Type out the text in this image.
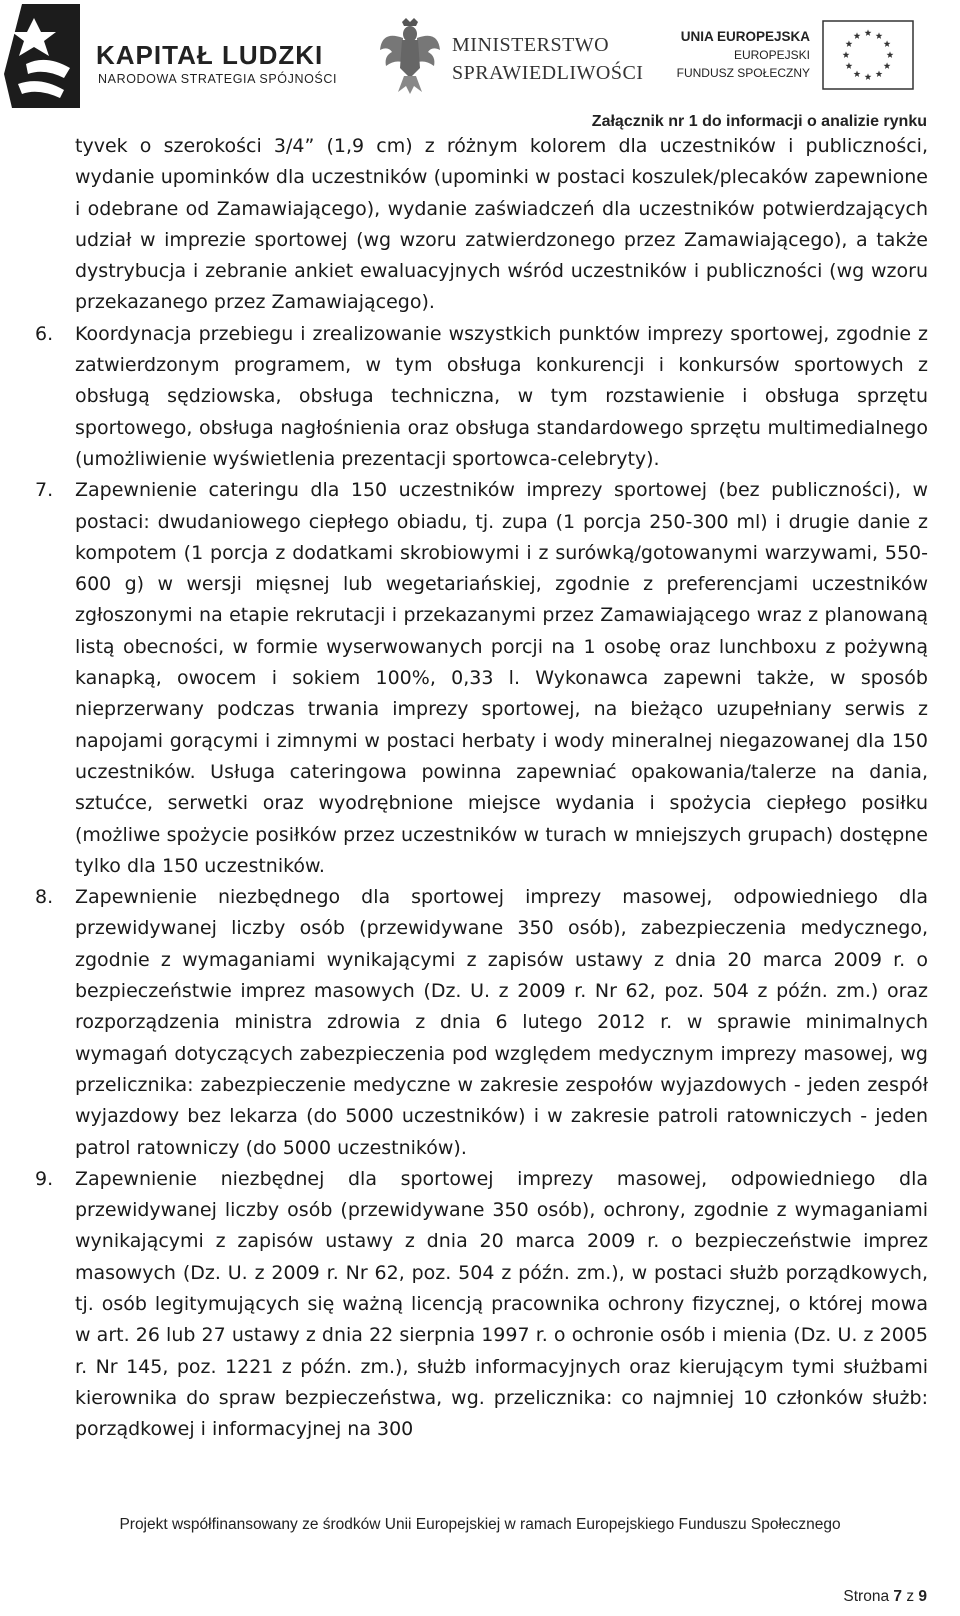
KAPITAŁ LUDZKI
NARODOWA STRATEGIA SPÓJNOŚCI
MINISTERSTWO
SPRAWIEDLIWOŚCI
UNIA EUROPEJSKA
EUROPEJSKI
FUNDUSZ SPOŁECZNY
Załącznik nr 1 do informacji o analizie rynku

tyvek o szerokości 3/4” (1,9 cm) z różnym kolorem dla uczestników i publiczności, wydanie upominków dla uczestników (upominki w postaci koszulek/plecaków zapewnione i odebrane od Zamawiającego), wydanie zaświadczeń dla uczestników potwierdzających udział w imprezie sportowej (wg wzoru zatwierdzonego przez Zamawiającego), a także dystrybucja i zebranie ankiet ewaluacyjnych wśród uczestników i publiczności (wg wzoru przekazanego przez Zamawiającego).

6. Koordynacja przebiegu i zrealizowanie wszystkich punktów imprezy sportowej, zgodnie z zatwierdzonym programem, w tym obsługa konkurencji i konkursów sportowych z obsługą sędziowska, obsługa techniczna, w tym rozstawienie i obsługa sprzętu sportowego, obsługa nagłośnienia oraz obsługa standardowego sprzętu multimedialnego (umożliwienie wyświetlenia prezentacji sportowca-celebryty).
7. Zapewnienie cateringu dla 150 uczestników imprezy sportowej (bez publiczności), w postaci: dwudaniowego ciepłego obiadu, tj. zupa (1 porcja 250-300 ml) i drugie danie z kompotem (1 porcja z dodatkami skrobiowymi i z surówką/gotowanymi warzywami, 550-600 g) w wersji mięsnej lub wegetariańskiej, zgodnie z preferencjami uczestników zgłoszonymi na etapie rekrutacji i przekazanymi przez Zamawiającego wraz z planowaną listą obecności, w formie wyserwowanych porcji na 1 osobę oraz lunchboxu z pożywną kanapką, owocem i sokiem 100%, 0,33 l. Wykonawca zapewni także, w sposób nieprzerwany podczas trwania imprezy sportowej, na bieżąco uzupełniany serwis z napojami gorącymi i zimnymi w postaci herbaty i wody mineralnej niegazowanej dla 150 uczestników. Usługa cateringowa powinna zapewniać opakowania/talerze na dania, sztućce, serwetki oraz wyodrębnione miejsce wydania i spożycia ciepłego posiłku (możliwe spożycie posiłków przez uczestników w turach w mniejszych grupach) dostępne tylko dla 150 uczestników.
8. Zapewnienie niezbędnego dla sportowej imprezy masowej, odpowiedniego dla przewidywanej liczby osób (przewidywane 350 osób), zabezpieczenia medycznego, zgodnie z wymaganiami wynikającymi z zapisów ustawy z dnia 20 marca 2009 r. o bezpieczeństwie imprez masowych (Dz. U. z 2009 r. Nr 62, poz. 504 z późn. zm.) oraz rozporządzenia ministra zdrowia z dnia 6 lutego 2012 r. w sprawie minimalnych wymagań dotyczących zabezpieczenia pod względem medycznym imprezy masowej, wg przelicznika: zabezpieczenie medyczne w zakresie zespołów wyjazdowych - jeden zespół wyjazdowy bez lekarza (do 5000 uczestników) i w zakresie patroli ratowniczych - jeden patrol ratowniczy (do 5000 uczestników).
9. Zapewnienie niezbędnej dla sportowej imprezy masowej, odpowiedniego dla przewidywanej liczby osób (przewidywane 350 osób), ochrony, zgodnie z wymaganiami wynikającymi z zapisów ustawy z dnia 20 marca 2009 r. o bezpieczeństwie imprez masowych (Dz. U. z 2009 r. Nr 62, poz. 504 z późn. zm.), w postaci służb porządkowych, tj. osób legitymujących się ważną licencją pracownika ochrony fizycznej, o której mowa w art. 26 lub 27 ustawy z dnia 22 sierpnia 1997 r. o ochronie osób i mienia (Dz. U. z 2005 r. Nr 145, poz. 1221 z późn. zm.), służb informacyjnych oraz kierującym tymi służbami kierownika do spraw bezpieczeństwa, wg. przelicznika: co najmniej 10 członków służb: porządkowej i informacyjnej na 300
Projekt współfinansowany ze środków Unii Europejskiej w ramach Europejskiego Funduszu Społecznego
Strona 7 z 9
